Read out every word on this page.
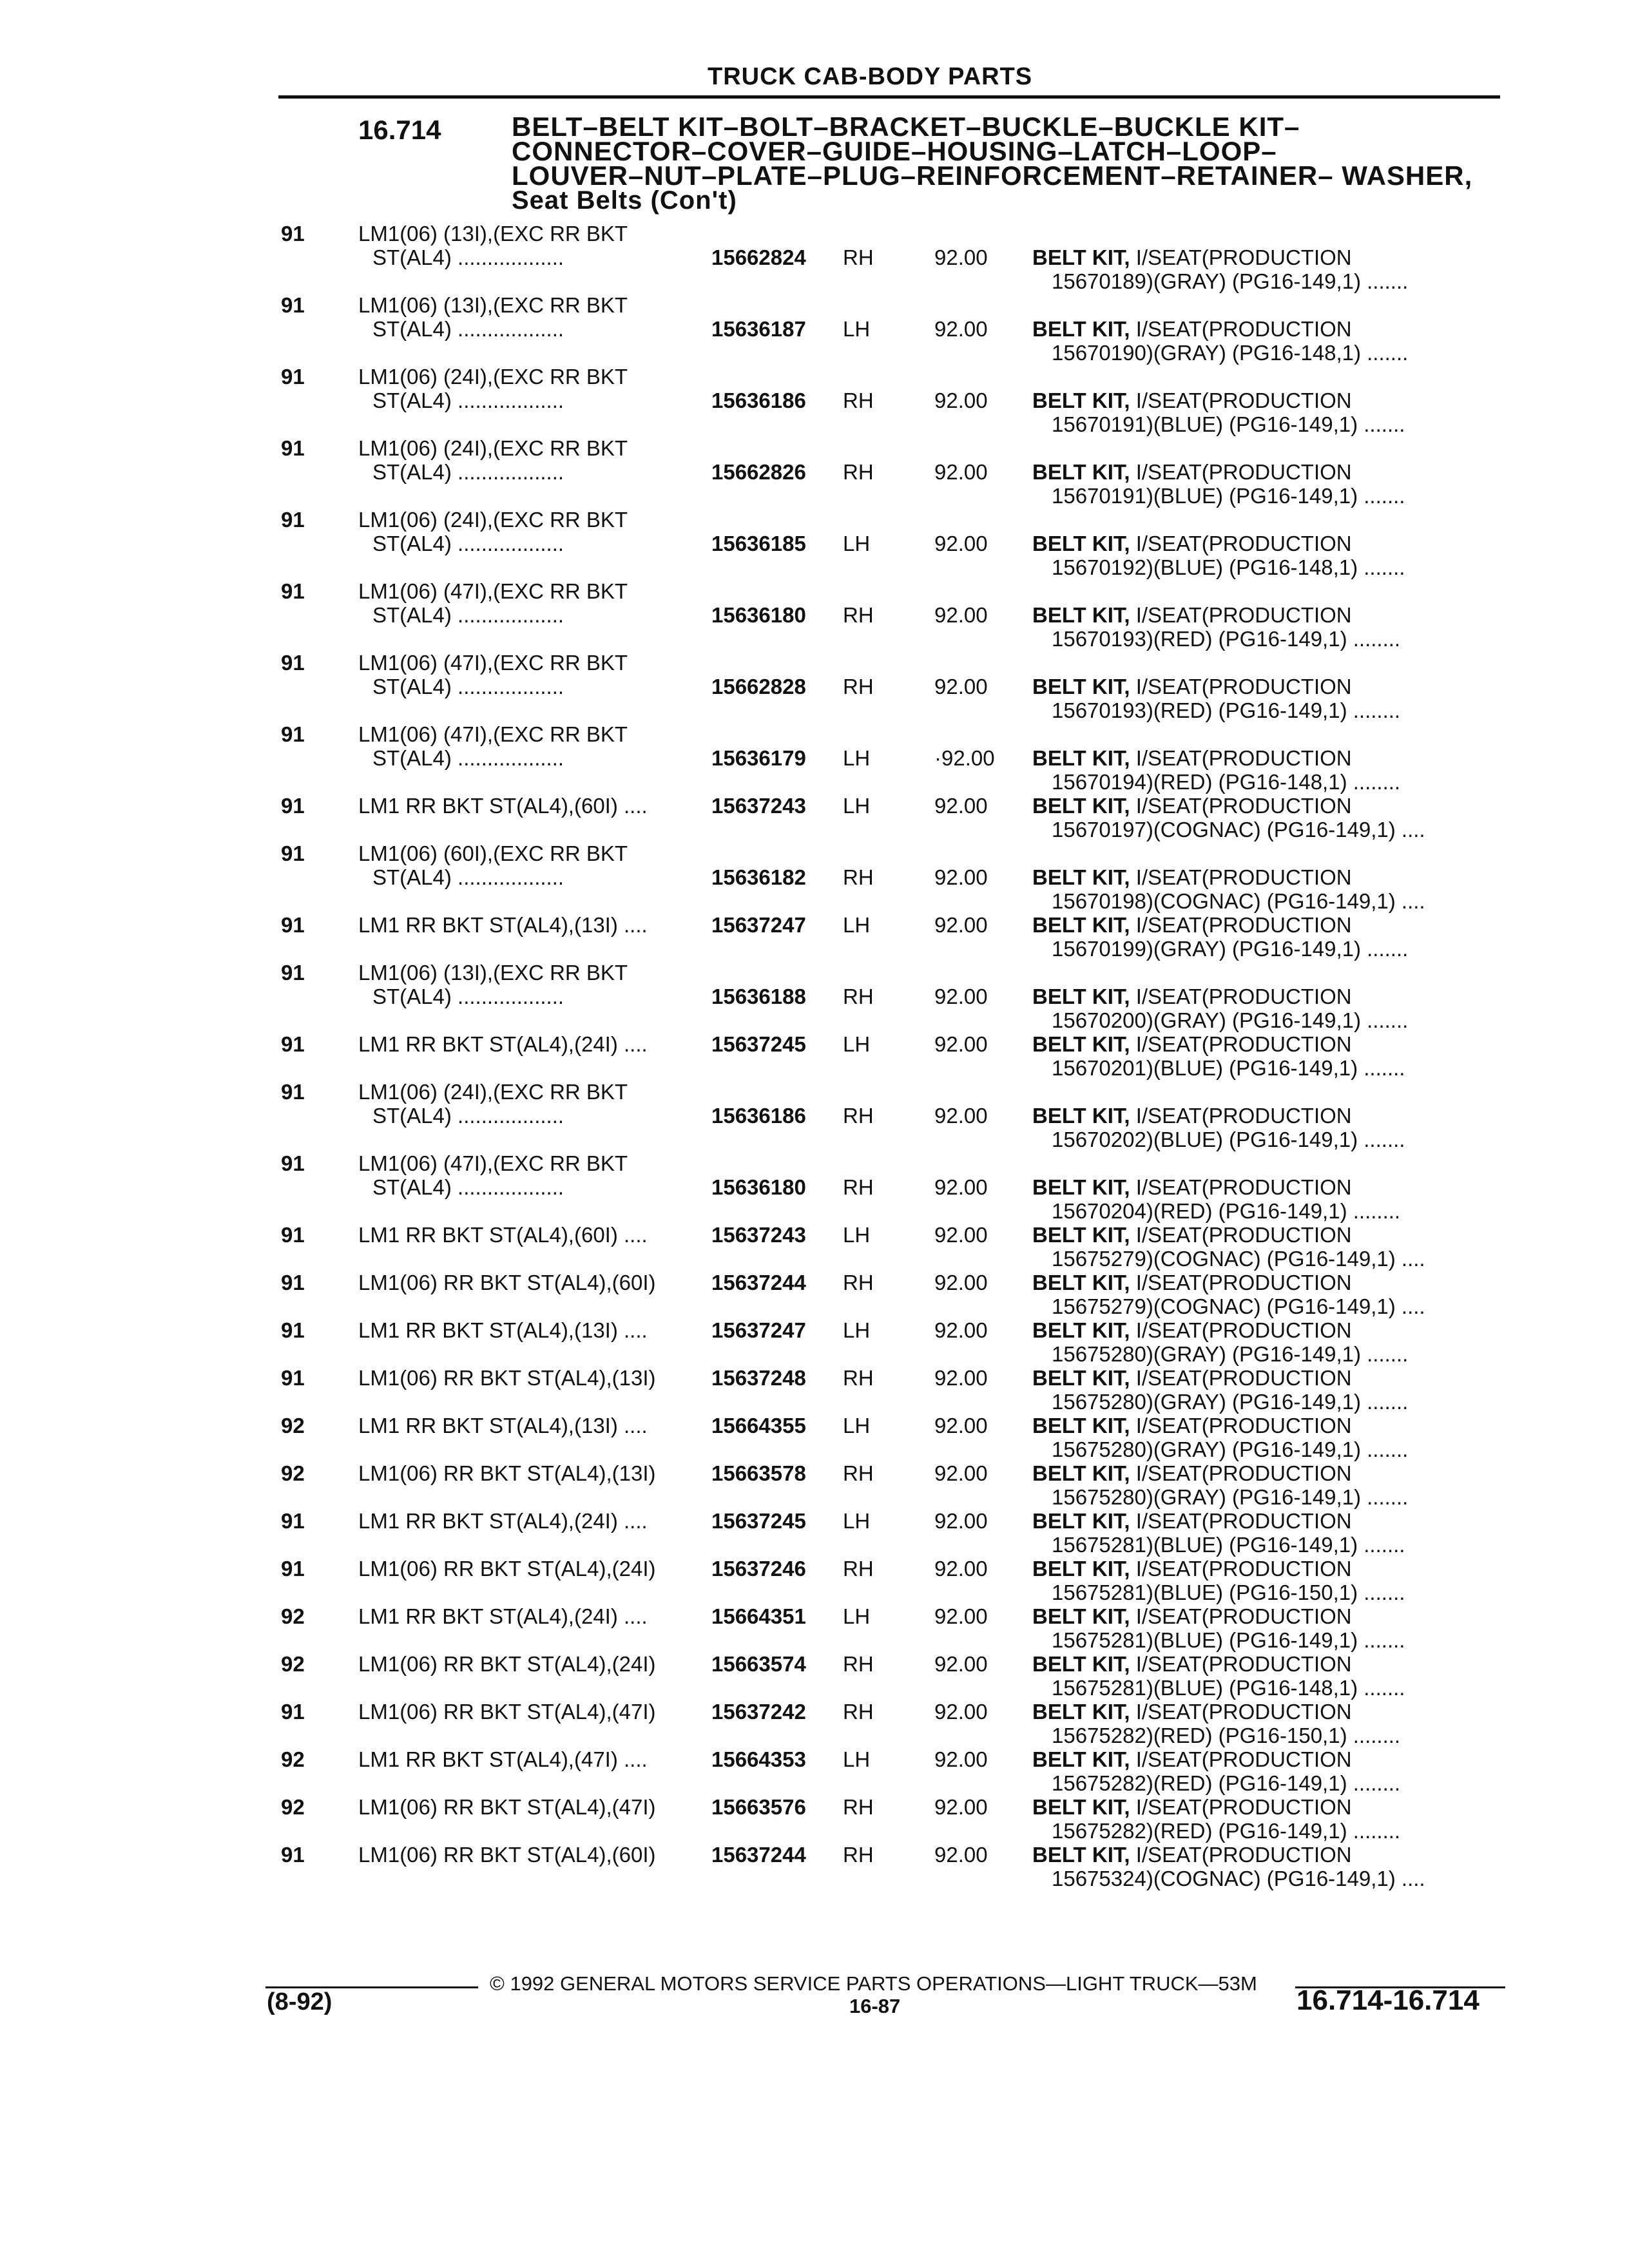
TRUCK CAB-BODY PARTS
16.714	BELT–BELT KIT–BOLT–BRACKET–BUCKLE–BUCKLE KIT–
CONNECTOR–COVER–GUIDE–HOUSING–LATCH–LOOP–
LOUVER–NUT–PLATE–PLUG–REINFORCEMENT–RETAINER– WASHER,
Seat Belts (Con't)
91	LM1(06) (13I),(EXC RR BKT
ST(AL4) ..................	15662824 RH	92.00 BELT KIT, I/SEAT(PRODUCTION
15670189)(GRAY) (PG16-149,1) .......
91	LM1(06) (13I),(EXC RR BKT
ST(AL4) ..................	15636187 LH	92.00 BELT KIT, I/SEAT(PRODUCTION
15670190)(GRAY) (PG16-148,1) .......
91	LM1(06) (24I),(EXC RR BKT
ST(AL4) ..................	15636186 RH	92.00 BELT KIT, I/SEAT(PRODUCTION
15670191)(BLUE) (PG16-149,1) .......
91	LM1(06) (24I),(EXC RR BKT
ST(AL4) ..................	15662826 RH	92.00 BELT KIT, I/SEAT(PRODUCTION
15670191)(BLUE) (PG16-149,1) .......
91	LM1(06) (24I),(EXC RR BKT
ST(AL4) ..................	15636185 LH	92.00 BELT KIT, I/SEAT(PRODUCTION
15670192)(BLUE) (PG16-148,1) .......
91	LM1(06) (47I),(EXC RR BKT
ST(AL4) ..................	15636180 RH	92.00 BELT KIT, I/SEAT(PRODUCTION
15670193)(RED) (PG16-149,1) ........
91	LM1(06) (47I),(EXC RR BKT
ST(AL4) ..................	15662828 RH	92.00 BELT KIT, I/SEAT(PRODUCTION
15670193)(RED) (PG16-149,1) ........
91	LM1(06) (47I),(EXC RR BKT
ST(AL4) ..................	15636179 LH	·92.00 BELT KIT, I/SEAT(PRODUCTION
15670194)(RED) (PG16-148,1) ........
91	LM1 RR BKT ST(AL4),(60I) ....	15637243 LH	92.00 BELT KIT, I/SEAT(PRODUCTION
15670197)(COGNAC) (PG16-149,1) ....
91	LM1(06) (60I),(EXC RR BKT
ST(AL4) ..................	15636182 RH	92.00 BELT KIT, I/SEAT(PRODUCTION
15670198)(COGNAC) (PG16-149,1) ....
91	LM1 RR BKT ST(AL4),(13I) ....	15637247 LH	92.00 BELT KIT, I/SEAT(PRODUCTION
15670199)(GRAY) (PG16-149,1) .......
91	LM1(06) (13I),(EXC RR BKT
ST(AL4) ..................	15636188 RH	92.00 BELT KIT, I/SEAT(PRODUCTION
15670200)(GRAY) (PG16-149,1) .......
91	LM1 RR BKT ST(AL4),(24I) ....	15637245 LH	92.00 BELT KIT, I/SEAT(PRODUCTION
15670201)(BLUE) (PG16-149,1) .......
91	LM1(06) (24I),(EXC RR BKT
ST(AL4) ..................	15636186 RH	92.00 BELT KIT, I/SEAT(PRODUCTION
15670202)(BLUE) (PG16-149,1) .......
91	LM1(06) (47I),(EXC RR BKT
ST(AL4) ..................	15636180 RH	92.00 BELT KIT, I/SEAT(PRODUCTION
15670204)(RED) (PG16-149,1) ........
91	LM1 RR BKT ST(AL4),(60I) ....	15637243 LH	92.00 BELT KIT, I/SEAT(PRODUCTION
15675279)(COGNAC) (PG16-149,1) ....
91	LM1(06) RR BKT ST(AL4),(60I)	15637244 RH	92.00 BELT KIT, I/SEAT(PRODUCTION
15675279)(COGNAC) (PG16-149,1) ....
91	LM1 RR BKT ST(AL4),(13I) ....	15637247 LH	92.00 BELT KIT, I/SEAT(PRODUCTION
15675280)(GRAY) (PG16-149,1) .......
91	LM1(06) RR BKT ST(AL4),(13I)	15637248 RH	92.00 BELT KIT, I/SEAT(PRODUCTION
15675280)(GRAY) (PG16-149,1) .......
92	LM1 RR BKT ST(AL4),(13I) ....	15664355 LH	92.00 BELT KIT, I/SEAT(PRODUCTION
15675280)(GRAY) (PG16-149,1) .......
92	LM1(06) RR BKT ST(AL4),(13I)	15663578 RH	92.00 BELT KIT, I/SEAT(PRODUCTION
15675280)(GRAY) (PG16-149,1) .......
91	LM1 RR BKT ST(AL4),(24I) ....	15637245 LH	92.00 BELT KIT, I/SEAT(PRODUCTION
15675281)(BLUE) (PG16-149,1) .......
91	LM1(06) RR BKT ST(AL4),(24I)	15637246 RH	92.00 BELT KIT, I/SEAT(PRODUCTION
15675281)(BLUE) (PG16-150,1) .......
92	LM1 RR BKT ST(AL4),(24I) ....	15664351 LH	92.00 BELT KIT, I/SEAT(PRODUCTION
15675281)(BLUE) (PG16-149,1) .......
92	LM1(06) RR BKT ST(AL4),(24I)	15663574 RH	92.00 BELT KIT, I/SEAT(PRODUCTION
15675281)(BLUE) (PG16-148,1) .......
91	LM1(06) RR BKT ST(AL4),(47I)	15637242 RH	92.00 BELT KIT, I/SEAT(PRODUCTION
15675282)(RED) (PG16-150,1) ........
92	LM1 RR BKT ST(AL4),(47I) ....	15664353 LH	92.00 BELT KIT, I/SEAT(PRODUCTION
15675282)(RED) (PG16-149,1) ........
92	LM1(06) RR BKT ST(AL4),(47I)	15663576 RH	92.00 BELT KIT, I/SEAT(PRODUCTION
15675282)(RED) (PG16-149,1) ........
91	LM1(06) RR BKT ST(AL4),(60I)	15637244 RH	92.00 BELT KIT, I/SEAT(PRODUCTION
15675324)(COGNAC) (PG16-149,1) ....
© 1992 GENERAL MOTORS SERVICE PARTS OPERATIONS—LIGHT TRUCK—53M
(8-92)	16-87	16.714-16.714
